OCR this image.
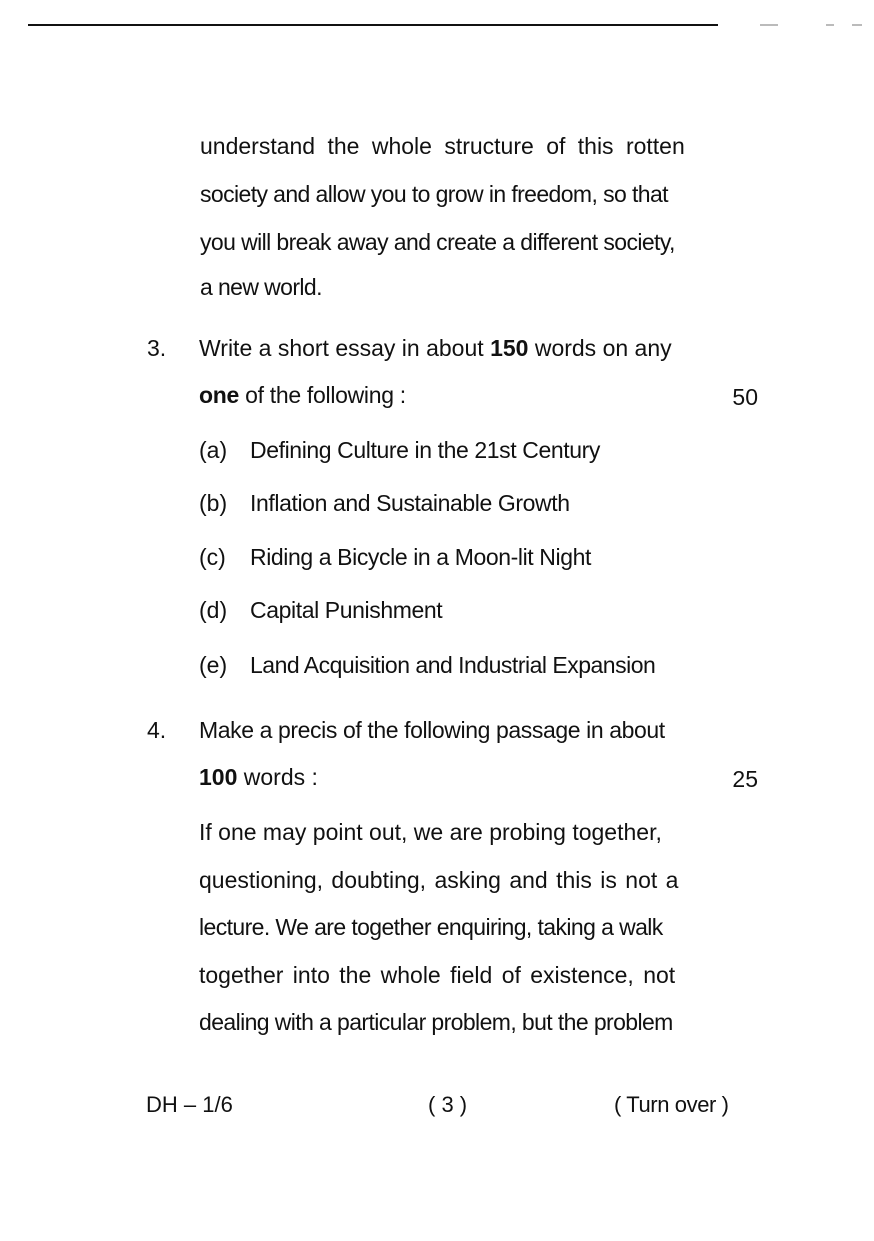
understand the whole structure of this rotten
society and allow you to grow in freedom, so that
you will break away and create a different society,
a new world.
3. Write a short essay in about 150 words on any
one of the following :	50
(a) Defining Culture in the 21st Century
(b) Inflation and Sustainable Growth
(c) Riding a Bicycle in a Moon-lit Night
(d) Capital Punishment
(e) Land Acquisition and Industrial Expansion
4. Make a precis of the following passage in about
100 words :	25
If one may point out, we are probing together,
questioning, doubting, asking and this is not a
lecture. We are together enquiring, taking a walk
together into the whole field of existence, not
dealing with a particular problem, but the problem
DH – 1/6	( 3 )	( Turn over )
